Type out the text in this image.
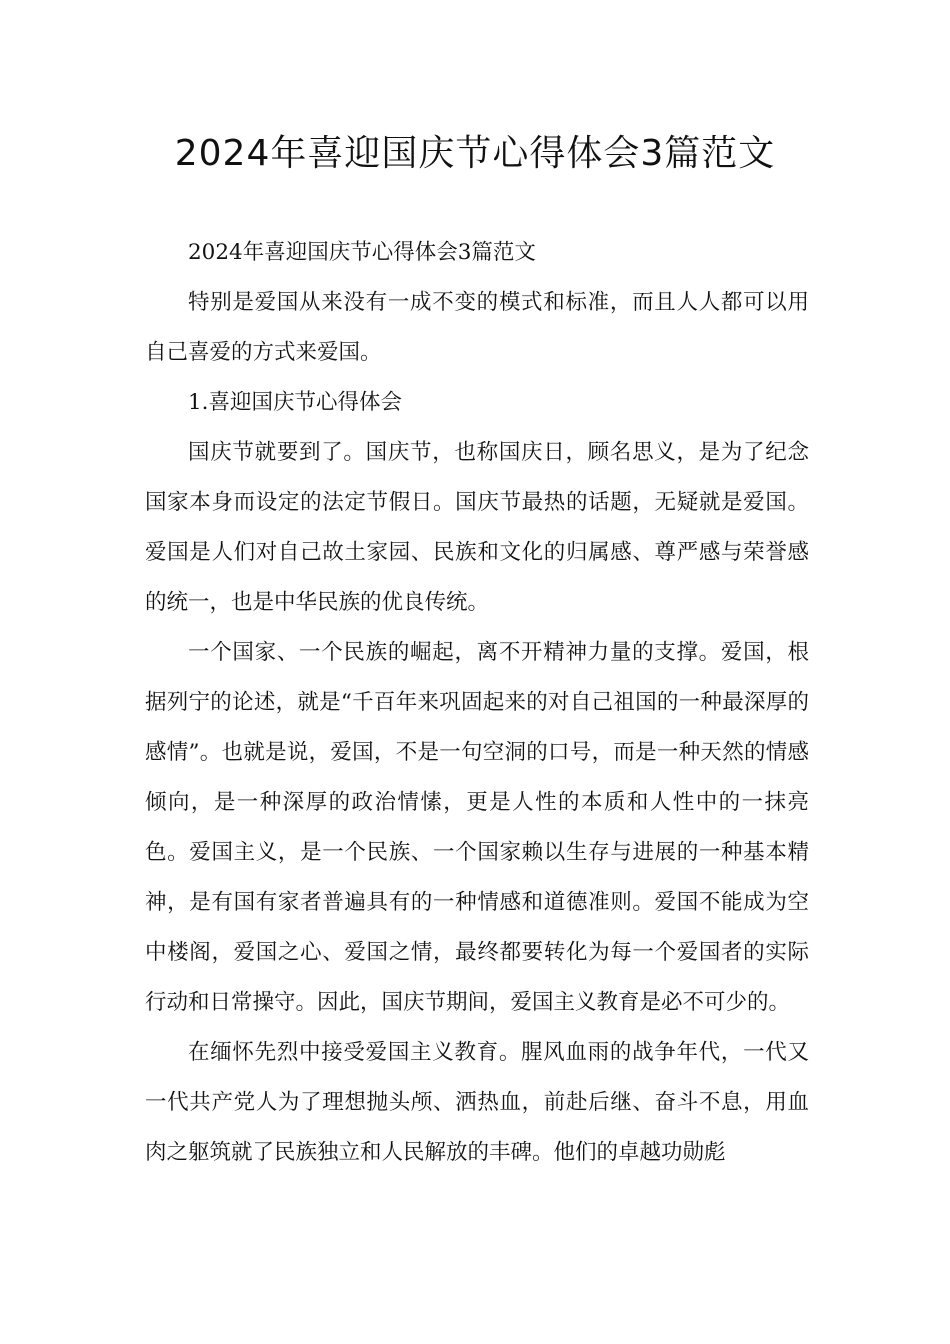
2024年喜迎国庆节心得体会3篇范文

2024年喜迎国庆节心得体会3篇范文

特别是爱国从来没有一成不变的模式和标准，而且人人都可以用自己喜爱的方式来爱国。

1.喜迎国庆节心得体会

国庆节就要到了。国庆节，也称国庆日，顾名思义，是为了纪念国家本身而设定的法定节假日。国庆节最热的话题，无疑就是爱国。爱国是人们对自己故土家园、民族和文化的归属感、尊严感与荣誉感的统一，也是中华民族的优良传统。

一个国家、一个民族的崛起，离不开精神力量的支撑。爱国，根据列宁的论述，就是“千百年来巩固起来的对自己祖国的一种最深厚的感情”。也就是说，爱国，不是一句空洞的口号，而是一种天然的情感倾向，是一种深厚的政治情愫，更是人性的本质和人性中的一抹亮色。爱国主义，是一个民族、一个国家赖以生存与进展的一种基本精神，是有国有家者普遍具有的一种情感和道德准则。爱国不能成为空中楼阁，爱国之心、爱国之情，最终都要转化为每一个爱国者的实际行动和日常操守。因此，国庆节期间，爱国主义教育是必不可少的。

在缅怀先烈中接受爱国主义教育。腥风血雨的战争年代，一代又一代共产党人为了理想抛头颅、洒热血，前赴后继、奋斗不息，用血肉之躯筑就了民族独立和人民解放的丰碑。他们的卓越功勋彪
